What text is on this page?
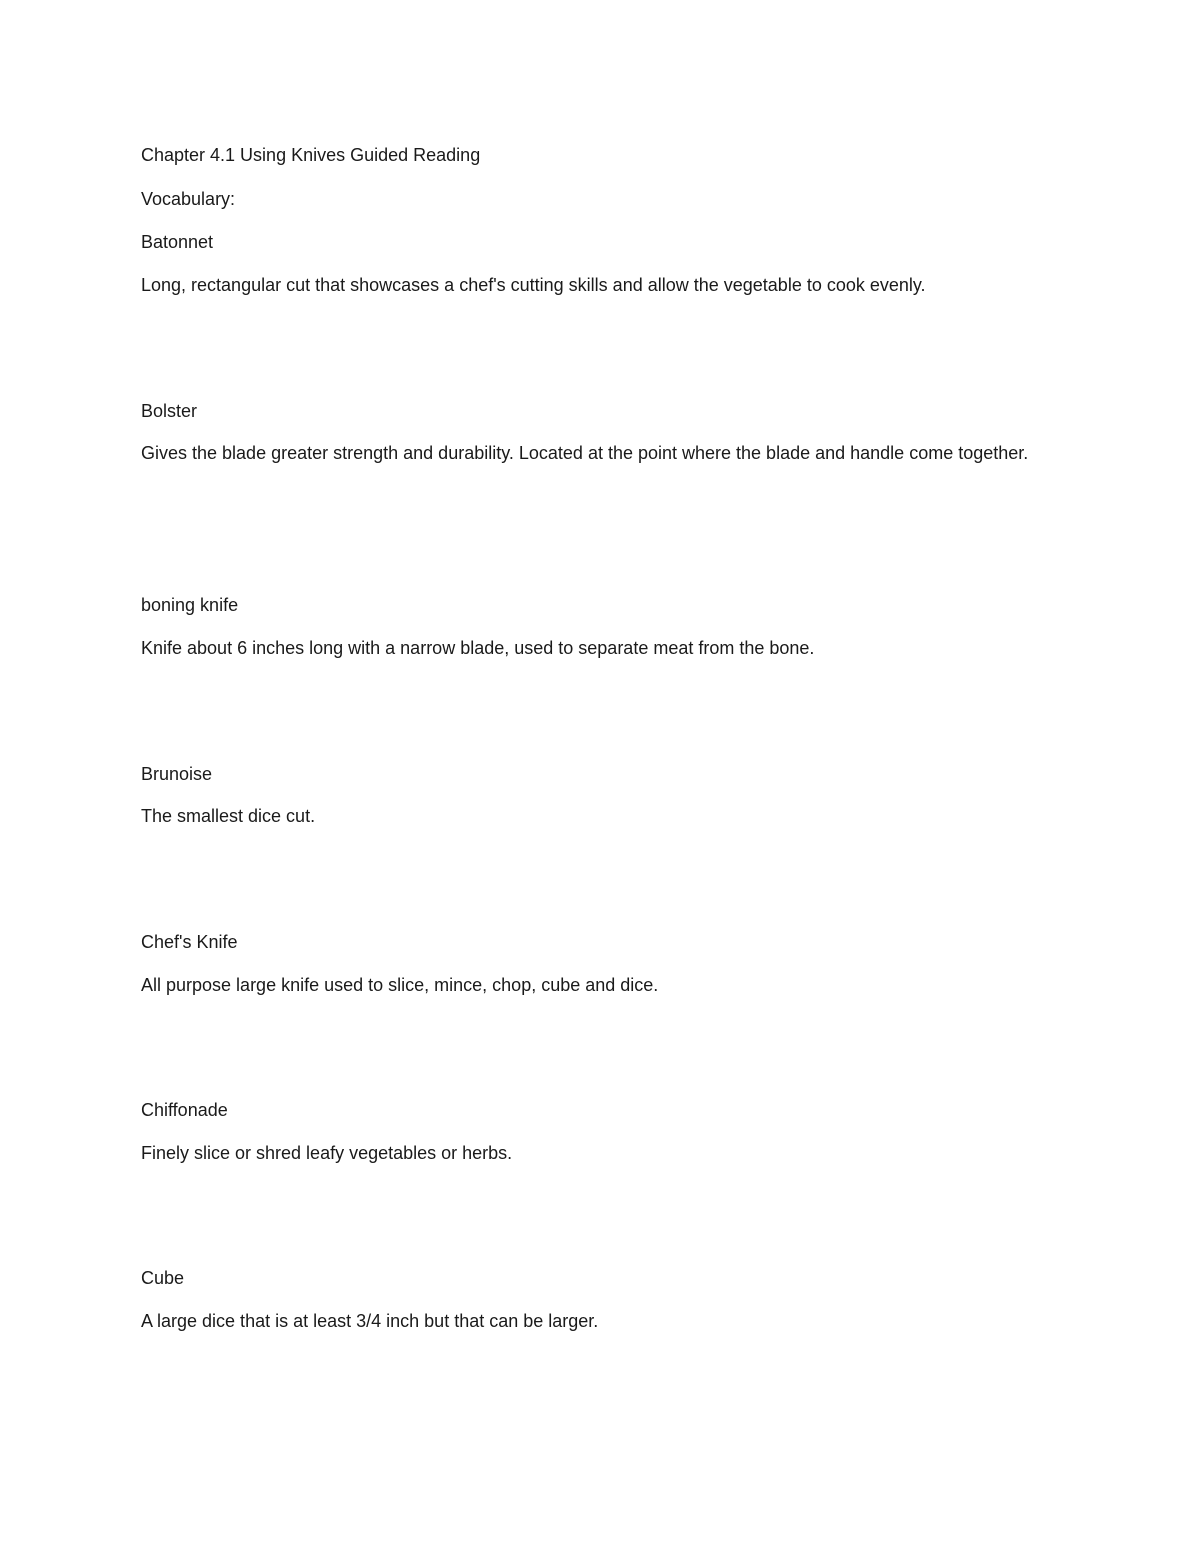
Chapter 4.1 Using Knives Guided Reading

Vocabulary:

Batonnet

Long, rectangular cut that showcases a chef's cutting skills and allow the vegetable to cook evenly.

Bolster

Gives the blade greater strength and durability. Located at the point where the blade and handle come together.

boning knife

Knife about 6 inches long with a narrow blade, used to separate meat from the bone.

Brunoise

The smallest dice cut.

Chef's Knife

All purpose large knife used to slice, mince, chop, cube and dice.

Chiffonade

Finely slice or shred leafy vegetables or herbs.

Cube

A large dice that is at least 3/4 inch but that can be larger.
